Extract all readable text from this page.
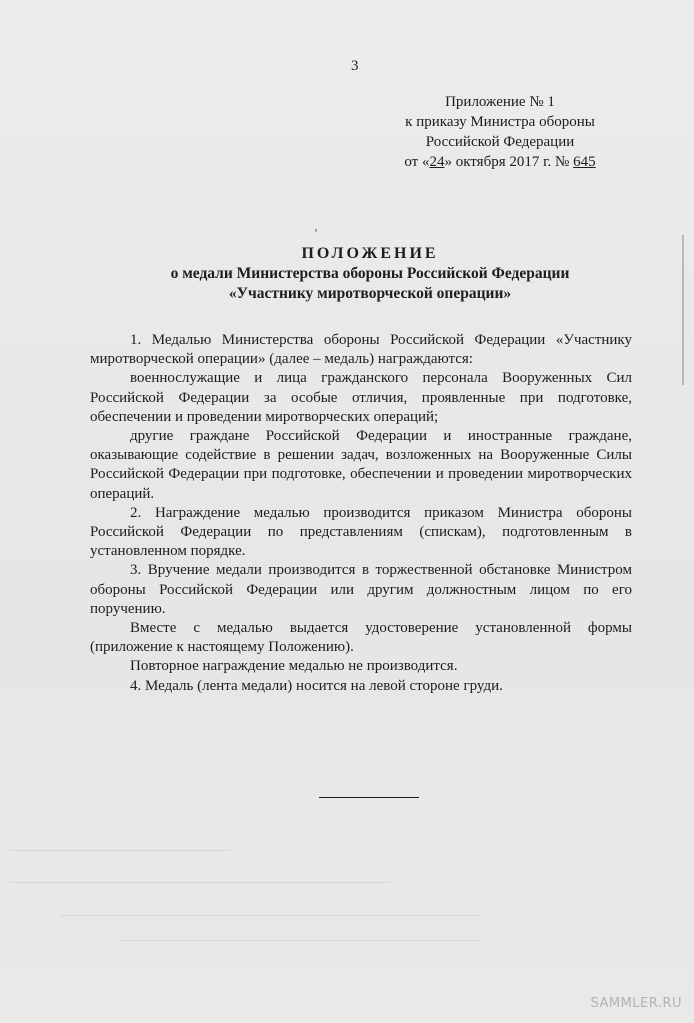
3
Приложение № 1
к приказу Министра обороны
Российской Федерации
от «24» октября 2017 г. № 645
ʼ
ПОЛОЖЕНИЕ
о медали Министерства обороны Российской Федерации
«Участнику миротворческой операции»

1. Медалью Министерства обороны Российской Федерации «Участнику миротворческой операции» (далее – медаль) награждаются:

военнослужащие и лица гражданского персонала Вооруженных Сил Российской Федерации за особые отличия, проявленные при подготовке, обеспечении и проведении миротворческих операций;

другие граждане Российской Федерации и иностранные граждане, оказывающие содействие в решении задач, возложенных на Вооруженные Силы Российской Федерации при подготовке, обеспечении и проведении миротворческих операций.

2. Награждение медалью производится приказом Министра обороны Российской Федерации по представлениям (спискам), подготовленным в установленном порядке.

3. Вручение медали производится в торжественной обстановке Министром обороны Российской Федерации или другим должностным лицом по его поручению.

Вместе с медалью выдается удостоверение установленной формы (приложение к настоящему Положению).

Повторное награждение медалью не производится.

4. Медаль (лента медали) носится на левой стороне груди.

SAMMLER.RU
